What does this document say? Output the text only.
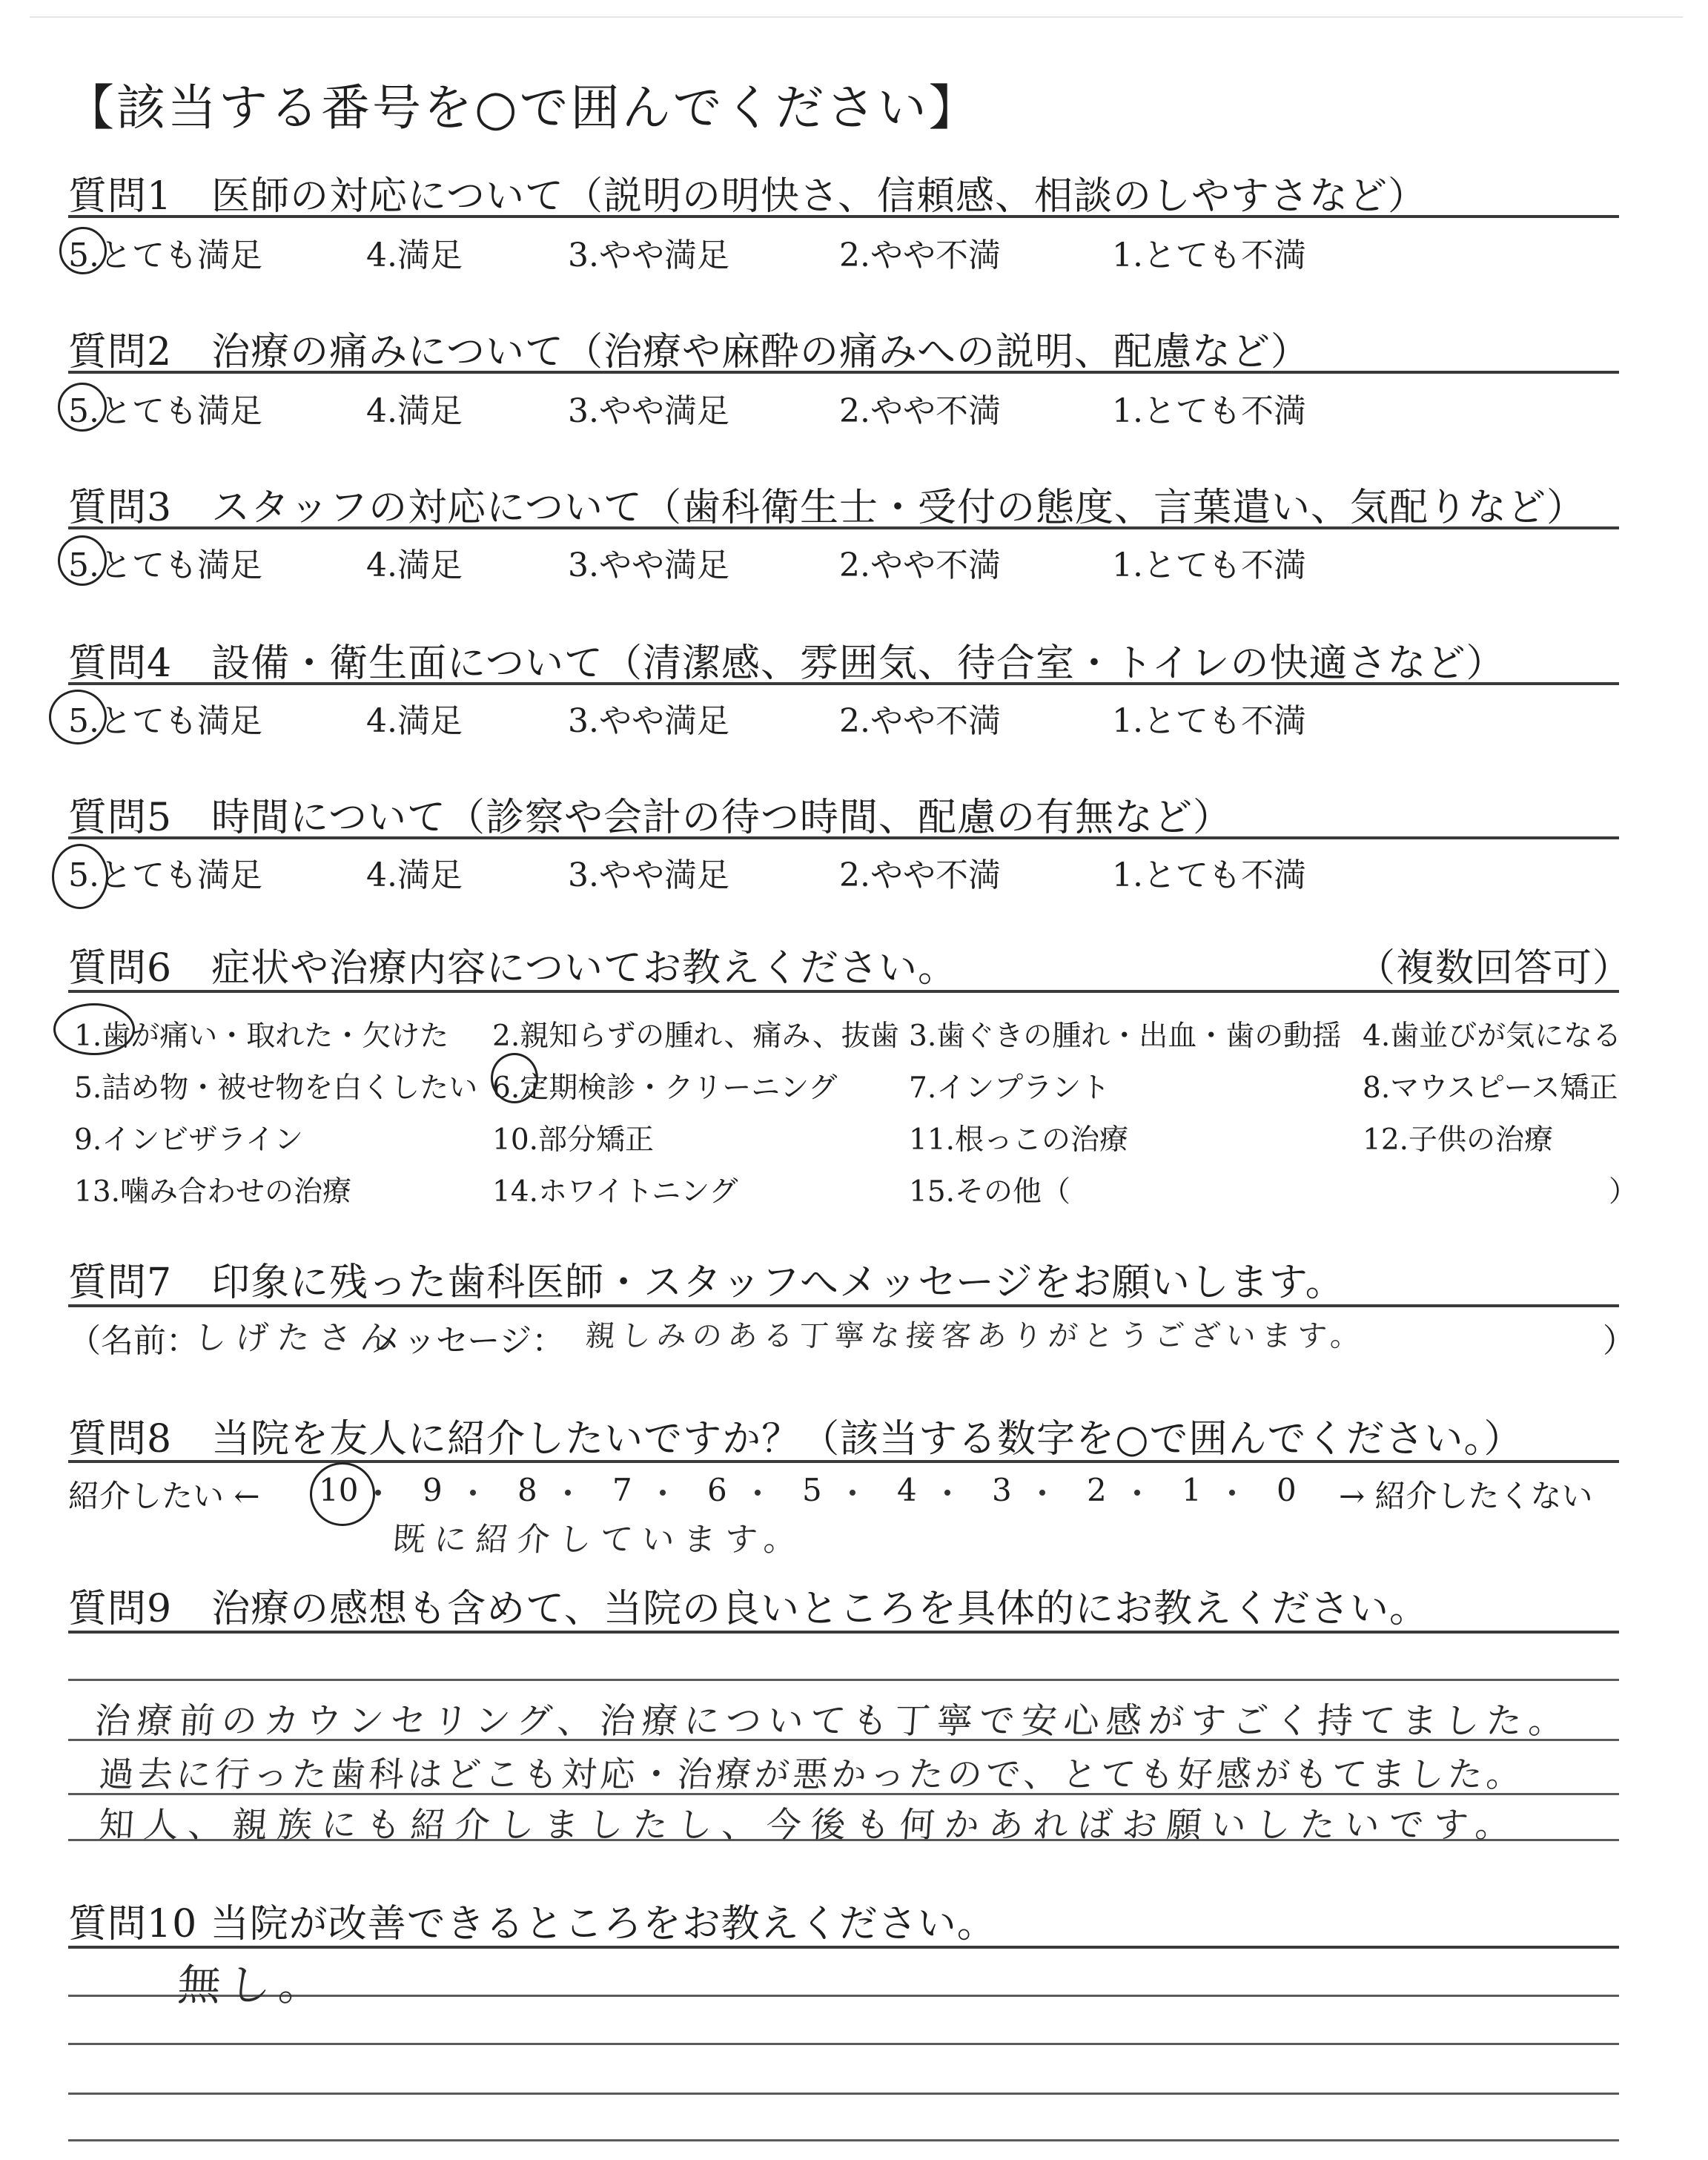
【該当する番号を○で囲んでください】
質問1　医師の対応について（説明の明快さ、信頼感、相談のしやすさなど）
5.とても満足	4.満足	3.やや満足	2.やや不満	1.とても不満
質問2　治療の痛みについて（治療や麻酔の痛みへの説明、配慮など）
5.とても満足	4.満足	3.やや満足	2.やや不満	1.とても不満
質問3　スタッフの対応について（歯科衛生士・受付の態度、言葉遣い、気配りなど）
5.とても満足	4.満足	3.やや満足	2.やや不満	1.とても不満
質問4　設備・衛生面について（清潔感、雰囲気、待合室・トイレの快適さなど）
5.とても満足	4.満足	3.やや満足	2.やや不満	1.とても不満
質問5　時間について（診察や会計の待つ時間、配慮の有無など）
5.とても満足	4.満足	3.やや満足	2.やや不満	1.とても不満
質問6　症状や治療内容についてお教えください。	（複数回答可）
1.歯が痛い・取れた・欠けた 2.親知らずの腫れ、痛み、抜歯 3.歯ぐきの腫れ・出血・歯の動揺 4.歯並びが気になる
5.詰め物・被せ物を白くしたい 6.定期検診・クリーニング 7.インプラント	8.マウスピース矯正
9.インビザライン	10.部分矯正	11.根っこの治療	12.子供の治療
13.噛み合わせの治療	14.ホワイトニング	15.その他（	）
質問7　印象に残った歯科医師・スタッフへメッセージをお願いします。
（名前：
しげたさん
メッセージ： 親しみのある丁寧な接客ありがとうございます。	）
質問8　当院を友人に紹介したいですか？（該当する数字を○で囲んでください。）
紹介したい ← 10 9 8 7 6 5 4 3 2 1 0 → 紹介したくない
既に紹介しています。
質問9　治療の感想も含めて、当院の良いところを具体的にお教えください。
治療前のカウンセリング、治療についても丁寧で安心感がすごく持てました。
過去に行った歯科はどこも対応・治療が悪かったので、とても好感がもてました。
知人、親族にも紹介しましたし、今後も何かあればお願いしたいです。
質問10 当院が改善できるところをお教えください。
無し。
